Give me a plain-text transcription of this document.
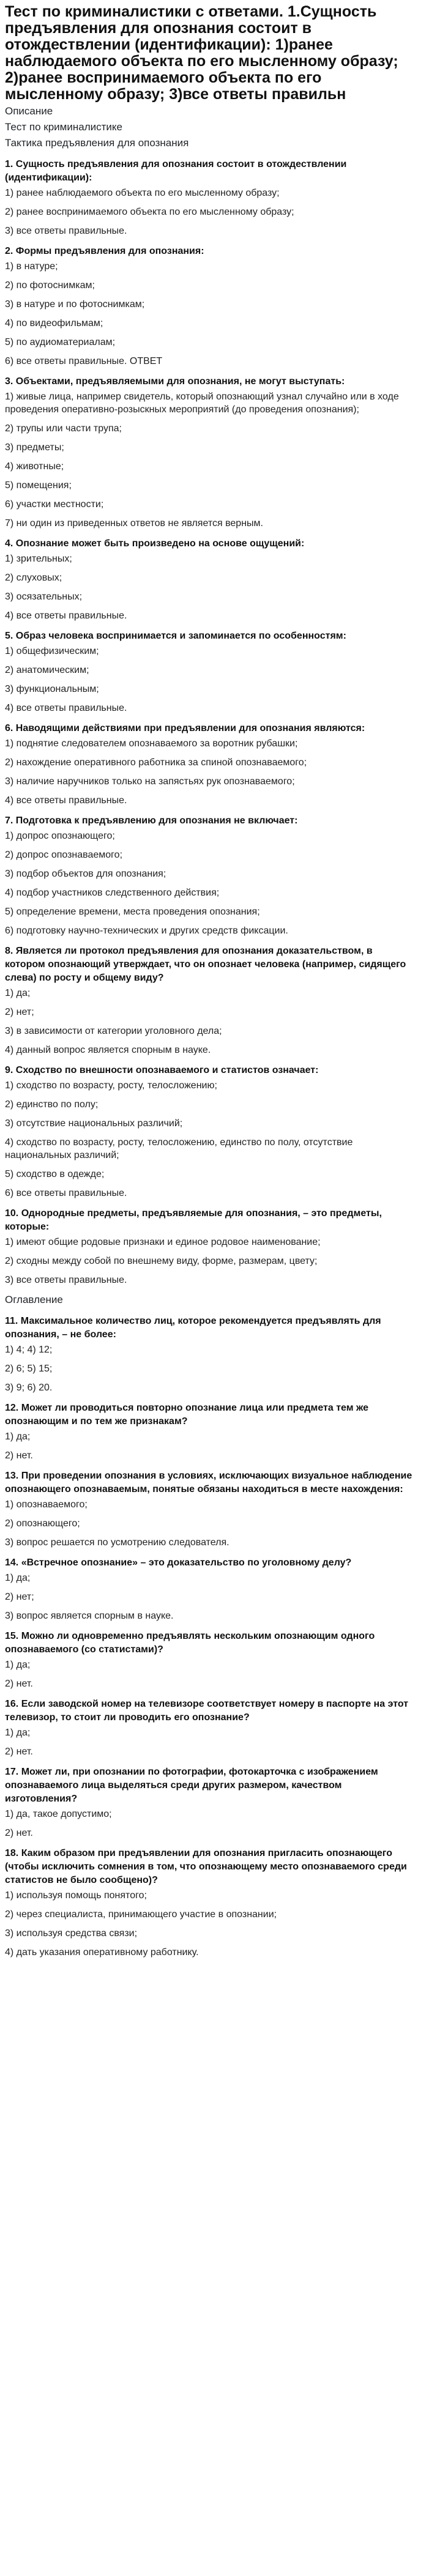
Тест по криминалистики с ответами. 1.Сущность предъявления для опознания состоит в отождествлении (идентификации): 1)ранее наблюдаемого объекта по его мысленному образу; 2)ранее воспринимаемого объекта по его мысленному образу; 3)все ответы правильн
Описание
Тест по криминалистике
Тактика предъявления для опознания

1. Сущность предъявления для опознания состоит в отождествлении (идентификации):

1) ранее наблюдаемого объекта по его мысленному образу;

2) ранее воспринимаемого объекта по его мысленному образу;

3) все ответы правильные.

2. Формы предъявления для опознания:

1) в натуре;

2) по фотоснимкам;

3) в натуре и по фотоснимкам;

4) по видеофильмам;

5) по аудиоматериалам;

6) все ответы правильные. ОТВЕТ

3. Объектами, предъявляемыми для опознания, не могут выступать:

1) живые лица, например свидетель, который опознающий узнал случайно или в ходе проведения оперативно-розыскных мероприятий (до проведения опознания);

2) трупы или части трупа;

3) предметы;

4) животные;

5) помещения;

6) участки местности;

7) ни один из приведенных ответов не является верным.

4. Опознание может быть произведено на основе ощущений:

1) зрительных;

2) слуховых;

3) осязательных;

4) все ответы правильные.

5. Образ человека воспринимается и запоминается по особенностям:

1) общефизическим;

2) анатомическим;

3) функциональным;

4) все ответы правильные.

6. Наводящими действиями при предъявлении для опознания являются:

1) поднятие следователем опознаваемого за воротник рубашки;

2) нахождение оперативного работника за спиной опознаваемого;

3) наличие наручников только на запястьях рук опознаваемого;

4) все ответы правильные.

7. Подготовка к предъявлению для опознания не включает:

1) допрос опознающего;

2) допрос опознаваемого;

3) подбор объектов для опознания;

4) подбор участников следственного действия;

5) определение времени, места проведения опознания;

6) подготовку научно-технических и других средств фиксации.

8. Является ли протокол предъявления для опознания доказательством, в котором опознающий утверждает, что он опознает человека (например, сидящего слева) по росту и общему виду?

1) да;

2) нет;

3) в зависимости от категории уголовного дела;

4) данный вопрос является спорным в науке.

9. Сходство по внешности опознаваемого и статистов означает:

1) сходство по возрасту, росту, телосложению;

2) единство по полу;

3) отсутствие национальных различий;

4) сходство по возрасту, росту, телосложению, единство по полу, отсутствие национальных различий;

5) сходство в одежде;

6) все ответы правильные.

10. Однородные предметы, предъявляемые для опознания, – это предметы, которые:

1) имеют общие родовые признаки и единое родовое наименование;

2) сходны между собой по внешнему виду, форме, размерам, цвету;

3) все ответы правильные.

Оглавление

11. Максимальное количество лиц, которое рекомендуется предъявлять для опознания, – не более:

1) 4; 4) 12;

2) 6; 5) 15;

3) 9; 6) 20.

12. Может ли проводиться повторно опознание лица или предмета тем же опознающим и по тем же признакам?

1) да;

2) нет.

13. При проведении опознания в условиях, исключающих визуальное наблюдение опознающего опознаваемым, понятые обязаны находиться в месте нахождения:

1) опознаваемого;

2) опознающего;

3) вопрос решается по усмотрению следователя.

14. «Встречное опознание» – это доказательство по уголовному делу?

1) да;

2) нет;

3) вопрос является спорным в науке.

15. Можно ли одновременно предъявлять нескольким опознающим одного опознаваемого (со статистами)?

1) да;

2) нет.

16. Если заводской номер на телевизоре соответствует номеру в паспорте на этот телевизор, то стоит ли проводить его опознание?

1) да;

2) нет.

17. Может ли, при опознании по фотографии, фотокарточка с изображением опознаваемого лица выделяться среди других размером, качеством изготовления?

1) да, такое допустимо;

2) нет.

18. Каким образом при предъявлении для опознания пригласить опознающего (чтобы исключить сомнения в том, что опознающему место опознаваемого среди статистов не было сообщено)?

1) используя помощь понятого;

2) через специалиста, принимающего участие в опознании;

3) используя средства связи;

4) дать указания оперативному работнику.
